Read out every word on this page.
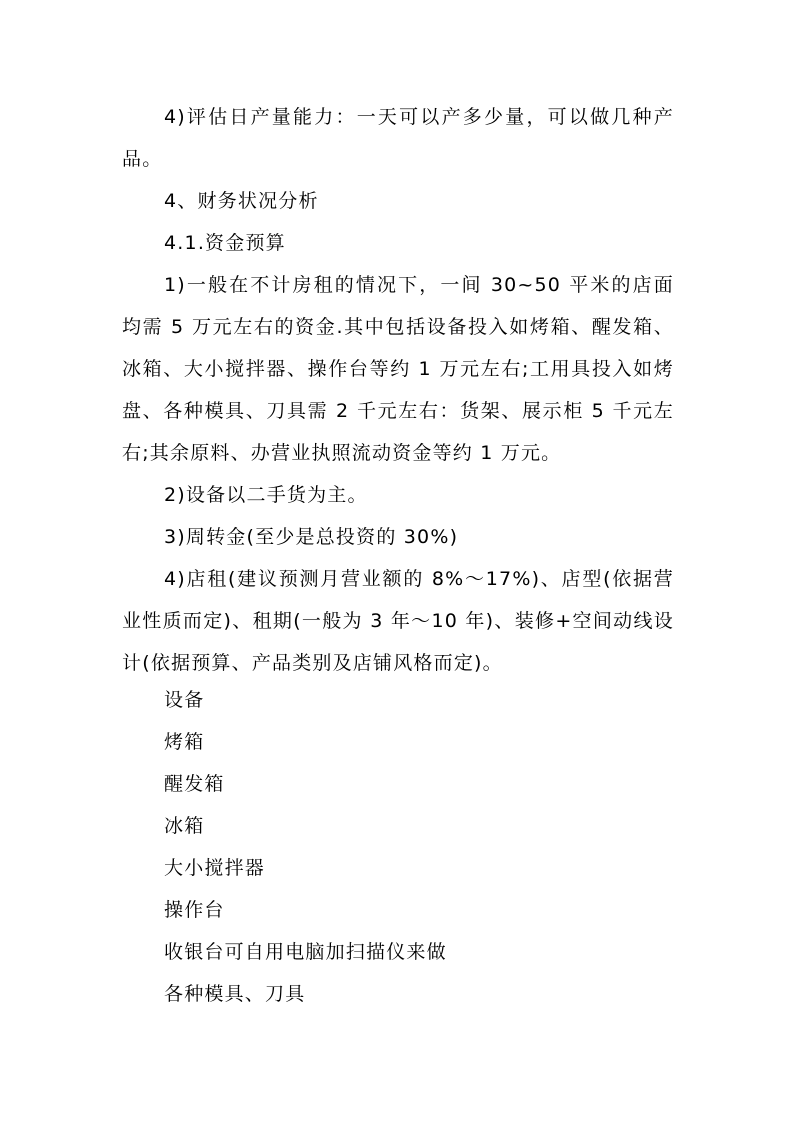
4)评估日产量能力：一天可以产多少量，可以做几种产品。

4、财务状况分析

4.1.资金预算

1)一般在不计房租的情况下，一间 30~50 平米的店面均需 5 万元左右的资金.其中包括设备投入如烤箱、醒发箱、冰箱、大小搅拌器、操作台等约 1 万元左右;工用具投入如烤盘、各种模具、刀具需 2 千元左右：货架、展示柜 5 千元左右;其余原料、办营业执照流动资金等约 1 万元。

2)设备以二手货为主。

3)周转金(至少是总投资的 30%)

4)店租(建议预测月营业额的 8%～17%)、店型(依据营业性质而定)、租期(一般为 3 年～10 年)、装修+空间动线设计(依据预算、产品类别及店铺风格而定)。

设备

烤箱

醒发箱

冰箱

大小搅拌器

操作台

收银台可自用电脑加扫描仪来做

各种模具、刀具
